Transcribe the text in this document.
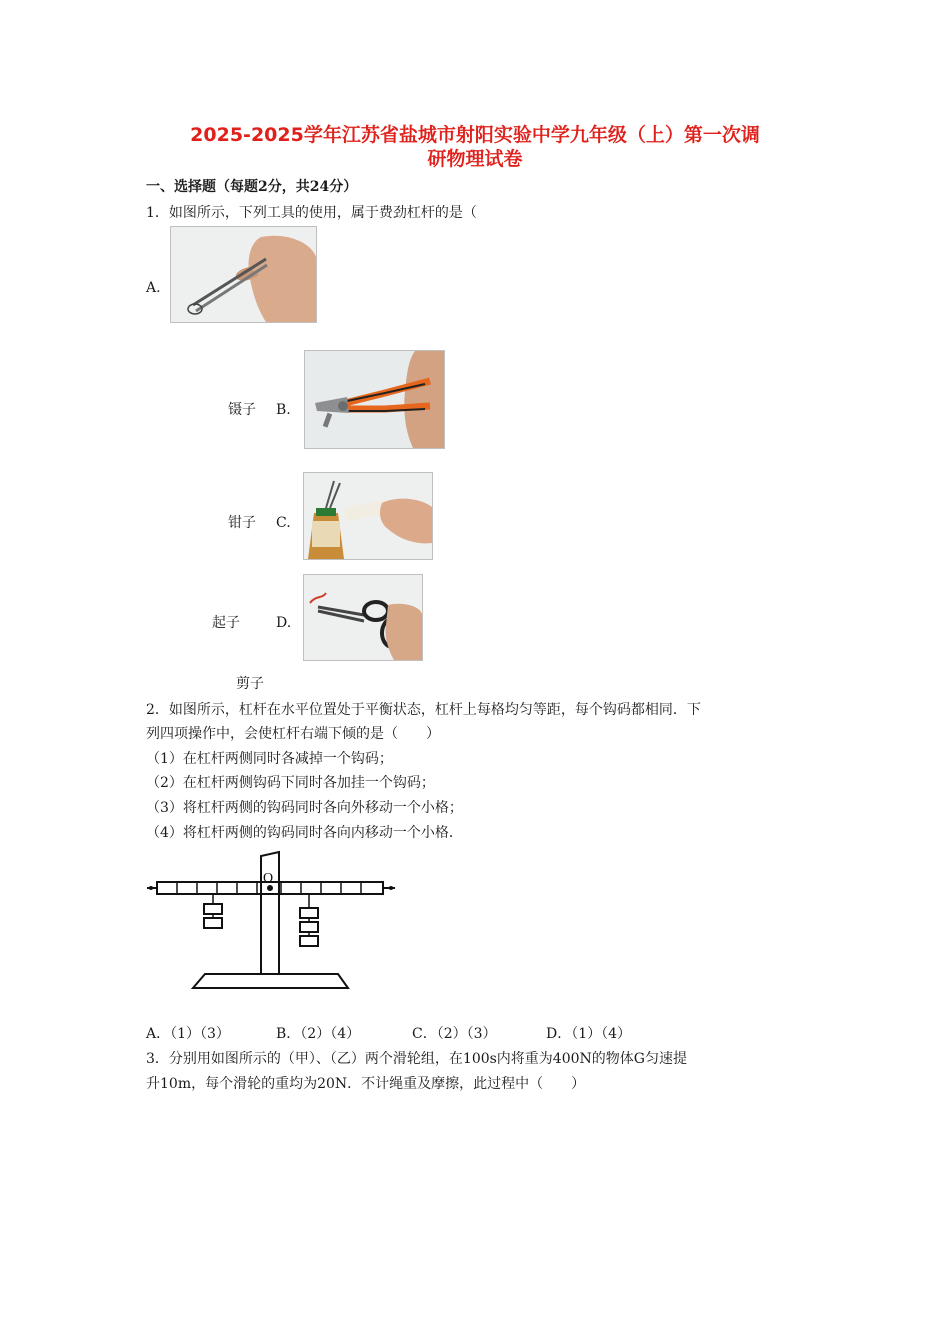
2025-2025学年江苏省盐城市射阳实验中学九年级（上）第一次调
研物理试卷
一、选择题（每题2分，共24分）
1．如图所示，下列工具的使用，属于费劲杠杆的是（
A.
镊子 B.
钳子 C.
起子	D.
剪子
2．如图所示，杠杆在水平位置处于平衡状态，杠杆上每格均匀等距，每个钩码都相同．下
列四项操作中，会使杠杆右端下倾的是（　　）
（1）在杠杆两侧同时各减掉一个钩码；
（2）在杠杆两侧钩码下同时各加挂一个钩码；
（3）将杠杆两侧的钩码同时各向外移动一个小格；
（4）将杠杆两侧的钩码同时各向内移动一个小格．
O
A．（1）（3）	B．（2）（4）	C．（2）（3）	D．（1）（4）
3．分别用如图所示的（甲）、（乙）两个滑轮组，在100s内将重为400N的物体G匀速提
升10m，每个滑轮的重均为20N．不计绳重及摩擦，此过程中（　　）
